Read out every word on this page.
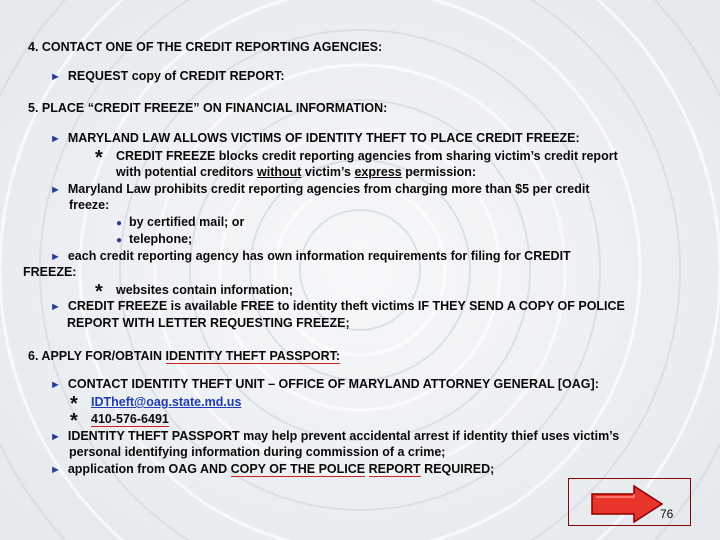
4. CONTACT ONE OF THE CREDIT REPORTING AGENCIES:
► REQUEST copy of CREDIT REPORT:
5. PLACE “CREDIT FREEZE” ON FINANCIAL INFORMATION:
► MARYLAND LAW ALLOWS VICTIMS OF IDENTITY THEFT TO PLACE CREDIT FREEZE:
* CREDIT FREEZE blocks credit reporting agencies from sharing victim’s credit report
with potential creditors without victim’s express permission:
► Maryland Law prohibits credit reporting agencies from charging more than $5 per credit
freeze:
● by certified mail; or
● telephone;
► each credit reporting agency has own information requirements for filing for CREDIT
FREEZE:
* websites contain information;
► CREDIT FREEZE is available FREE to identity theft victims IF THEY SEND A COPY OF POLICE
REPORT WITH LETTER REQUESTING FREEZE;
6. APPLY FOR/OBTAIN IDENTITY THEFT PASSPORT:
► CONTACT IDENTITY THEFT UNIT – OFFICE OF MARYLAND ATTORNEY GENERAL [OAG]:
* IDTheft@oag.state.md.us
* 410-576-6491
► IDENTITY THEFT PASSPORT may help prevent accidental arrest if identity thief uses victim’s
personal identifying information during commission of a crime;
► application from OAG AND COPY OF THE POLICE REPORT REQUIRED;
76
